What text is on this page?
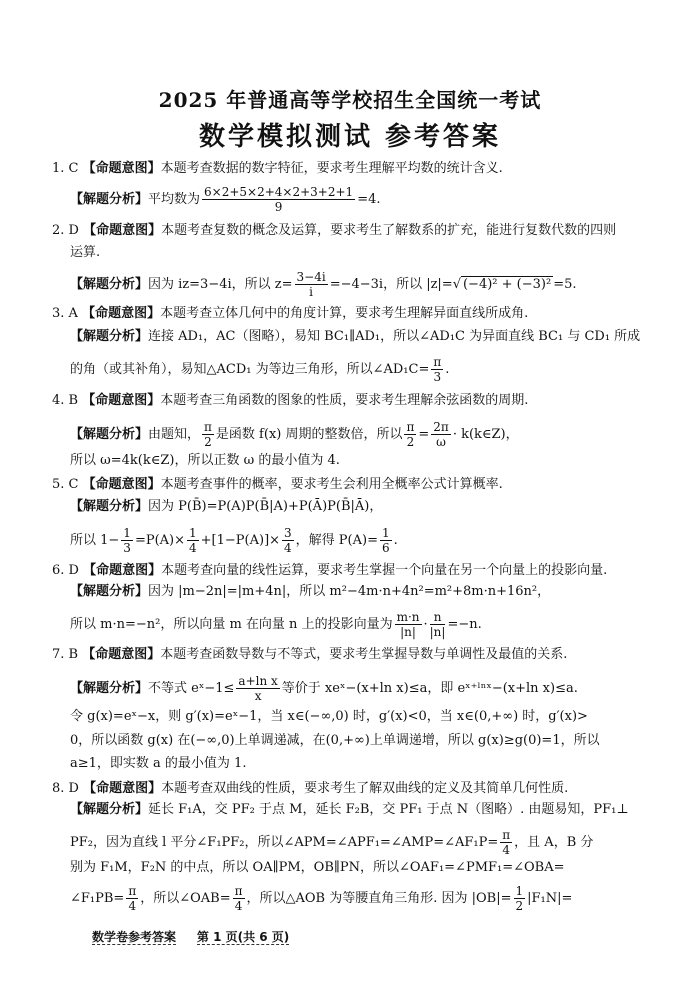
2025 年普通高等学校招生全国统一考试
数学模拟测试 参考答案
1. C 【命题意图】本题考查数据的数字特征，要求考生理解平均数的统计含义.
【解题分析】平均数为 $\frac{6\times 2+5\times 2+4\times 2+3+2+1}{9} =4$.
2. D 【命题意图】本题考查复数的概念及运算，要求考生了解数系的扩充，能进行复数代数的四则
运算.
【解题分析】因为 iz=3−4i，所以 $z= \frac{3-4i}{i} =-4-3i$，所以 |z|=√ (−4)² + (−3)² =5.
3. A 【命题意图】本题考查立体几何中的角度计算，要求考生理解异面直线所成角.
【解题分析】连接 AD₁，AC（图略），易知 BC₁∥AD₁，所以∠AD₁C 为异面直线 BC₁ 与 CD₁ 所成
的角（或其补角），易知△ACD₁ 为等边三角形，所以∠AD₁C= $\frac{\pi}{3}$ .
4. B 【命题意图】本题考查三角函数的图象的性质，要求考生理解余弦函数的周期.
【解题分析】由题知， $\frac{\pi}{2}$ 是函数 f(x) 周期的整数倍，所以 $\frac{\pi}{2} = \frac{2\pi}{\omega}$ · k(k∈Z)，
所以 ω=4k(k∈Z)，所以正数 ω 的最小值为 4.
5. C 【命题意图】本题考查事件的概率，要求考生会利用全概率公式计算概率.
【解题分析】因为 P(B̄)=P(A)P(B̄|A)+P(Ā)P(B̄|Ā)，
所以 $1- \frac{1}{3} =P(A)\times \frac{1}{4} +[1-P(A)]\times \frac{3}{4}$ ，解得 $P(A)= \frac{1}{6}$ .
6. D 【命题意图】本题考查向量的线性运算，要求考生掌握一个向量在另一个向量上的投影向量.
【解题分析】因为 |m−2n|=|m+4n|，所以 m²−4m·n+4n²=m²+8m·n+16n²，
所以 m·n=−n²，所以向量 m 在向量 n 上的投影向量为 $\frac{m\cdot n}{|n|} \cdot \frac{n}{|n|} =-n$.
7. B 【命题意图】本题考查函数导数与不等式，要求考生掌握导数与单调性及最值的关系.
【解题分析】不等式 eˣ−1≤ $\frac{\text{a+ln x}}{x}$ 等价于 xeˣ−(x+ln x)≤a，即 eˣ⁺ˡⁿˣ−(x+ln x)≤a.
令 g(x)=eˣ−x，则 g′(x)=eˣ−1，当 x∈(−∞,0) 时，g′(x)<0，当 x∈(0,+∞) 时，g′(x)>
0，所以函数 g(x) 在(−∞,0)上单调递减，在(0,+∞)上单调递增，所以 g(x)≥g(0)=1，所以
a≥1，即实数 a 的最小值为 1.
8. D 【命题意图】本题考查双曲线的性质，要求考生了解双曲线的定义及其简单几何性质.
【解题分析】延长 F₁A，交 PF₂ 于点 M，延长 F₂B，交 PF₁ 于点 N（图略）. 由题易知，PF₁⊥
PF₂，因为直线 l 平分∠F₁PF₂，所以∠APM=∠APF₁=∠AMP=∠AF₁P= $\frac{\pi}{4}$ ，且 A，B 分
别为 F₁M，F₂N 的中点，所以 OA∥PM，OB∥PN，所以∠OAF₁=∠PMF₁=∠OBA=
∠F₁PB= $\frac{\pi}{4}$ ，所以∠OAB= $\frac{\pi}{4}$ ，所以△AOB 为等腰直角三角形. 因为 $|OB|= \frac{1}{2} |F_1N|=$
数学卷参考答案 第 1 页(共 6 页)
